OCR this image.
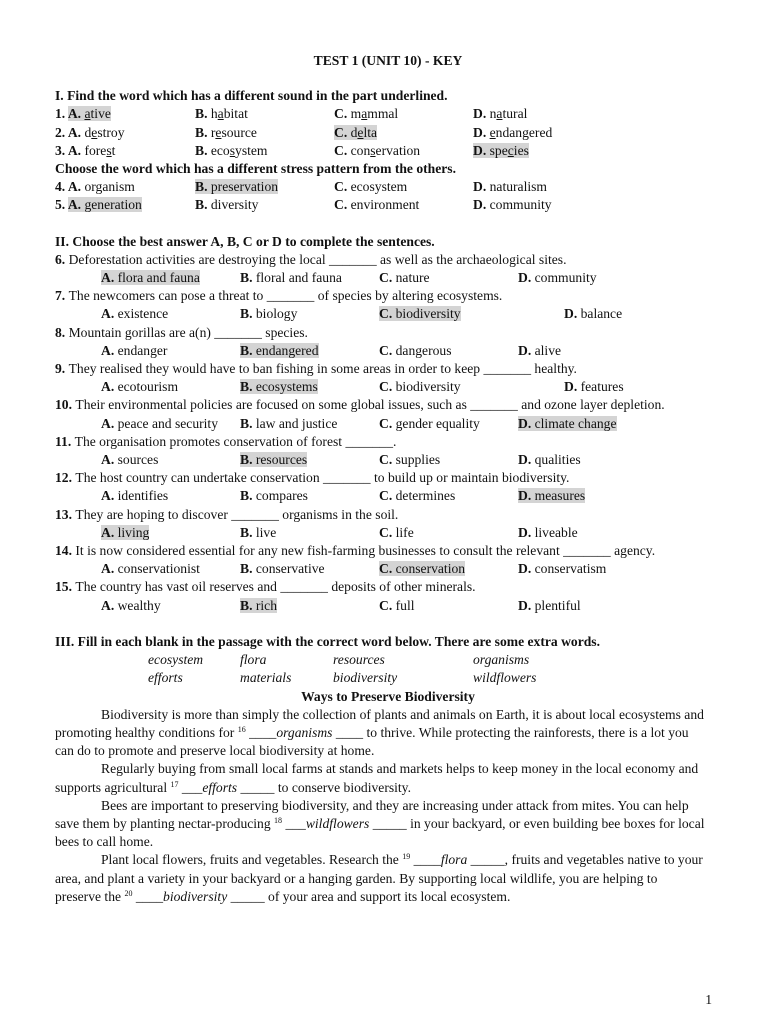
TEST 1 (UNIT 10) - KEY
I. Find the word which has a different sound in the part underlined.
1. A. ative	B. habitat	C. mammal	D. natural
2. A. destroy	B. resource	C. delta	D. endangered
3. A. forest	B. ecosystem	C. conservation	D. species
Choose the word which has a different stress pattern from the others.
4. A. organism	B. preservation	C. ecosystem	D. naturalism
5. A. generation	B. diversity	C. environment	D. community
II. Choose the best answer A, B, C or D to complete the sentences.
6. Deforestation activities are destroying the local _______ as well as the archaeological sites.
A. flora and fauna	B. floral and fauna	C. nature	D. community
7. The newcomers can pose a threat to _______ of species by altering ecosystems.
A. existence	B. biology	C. biodiversity	D. balance
8. Mountain gorillas are a(n) _______ species.
A. endanger	B. endangered	C. dangerous	D. alive
9. They realised they would have to ban fishing in some areas in order to keep _______ healthy.
A. ecotourism	B. ecosystems	C. biodiversity	D. features
10. Their environmental policies are focused on some global issues, such as _______ and ozone layer depletion.
A. peace and security	B. law and justice	C. gender equality	D. climate change
11. The organisation promotes conservation of forest _______.
A. sources	B. resources	C. supplies	D. qualities
12. The host country can undertake conservation _______ to build up or maintain biodiversity.
A. identifies	B. compares	C. determines	D. measures
13. They are hoping to discover _______ organisms in the soil.
A. living	B. live	C. life	D. liveable
14. It is now considered essential for any new fish-farming businesses to consult the relevant _______ agency.
A. conservationist	B. conservative	C. conservation	D. conservatism
15. The country has vast oil reserves and _______ deposits of other minerals.
A. wealthy	B. rich	C. full	D. plentiful
III. Fill in each blank in the passage with the correct word below. There are some extra words.
ecosystem	flora	resources	organisms
efforts	materials	biodiversity	wildflowers
Ways to Preserve Biodiversity
Biodiversity is more than simply the collection of plants and animals on Earth, it is about local ecosystems and promoting healthy conditions for $^{16}$ ____organisms ____ to thrive. While protecting the rainforests, there is a lot you can do to promote and preserve local biodiversity at home.
Regularly buying from small local farms at stands and markets helps to keep money in the local economy and supports agricultural $^{17}$ ___efforts _____ to conserve biodiversity.
Bees are important to preserving biodiversity, and they are increasing under attack from mites. You can help save them by planting nectar-producing $^{18}$ ___wildflowers _____ in your backyard, or even building bee boxes for local bees to call home.
Plant local flowers, fruits and vegetables. Research the $^{19}$ ____flora _____, fruits and vegetables native to your area, and plant a variety in your backyard or a hanging garden. By supporting local wildlife, you are helping to preserve the $^{20}$ ____biodiversity _____ of your area and support its local ecosystem.
1
